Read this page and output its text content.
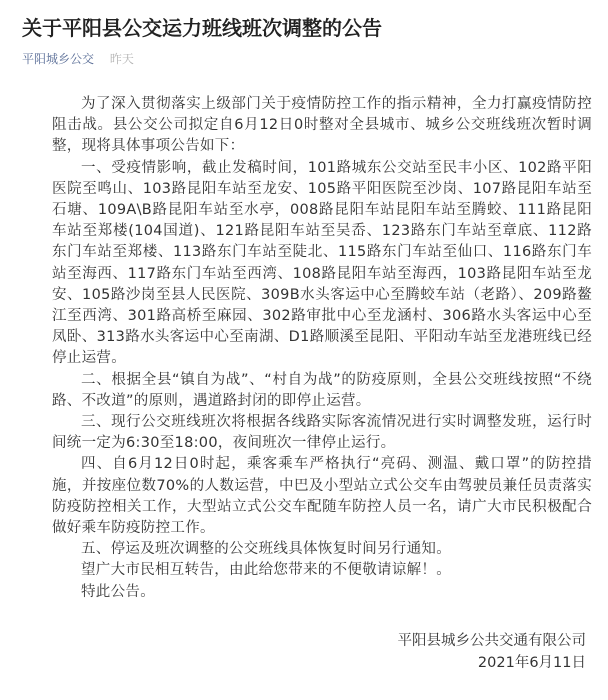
关于平阳县公交运力班线班次调整的公告
平阳城乡公交 昨天

为了深入贯彻落实上级部门关于疫情防控工作的指示精神，全力打赢疫情防控阻击战。县公交公司拟定自6月12日0时整对全县城市、城乡公交班线班次暂时调整，现将具体事项公告如下：

一、受疫情影响，截止发稿时间，101路城东公交站至民丰小区、102路平阳医院至鸣山、103路昆阳车站至龙安、105路平阳医院至沙岗、107路昆阳车站至石塘、109A\B路昆阳车站至水亭，008路昆阳车站昆阳车站至腾蛟、111路昆阳车站至郑楼(104国道)、121路昆阳车站至吴岙、123路东门车站至章底、112路东门车站至郑楼、113路东门车站至陡北、115路东门车站至仙口、116路东门车站至海西、117路东门车站至西湾、108路昆阳车站至海西，103路昆阳车站至龙安、105路沙岗至县人民医院、309B水头客运中心至腾蛟车站（老路）、209路鳌江至西湾、301路高桥至麻园、302路审批中心至龙涵村、306路水头客运中心至凤卧、313路水头客运中心至南湖、D1路顺溪至昆阳、平阳动车站至龙港班线已经停止运营。

二、根据全县“镇自为战”、“村自为战”的防疫原则，全县公交班线按照“不绕路、不改道”的原则，遇道路封闭的即停止运营。

三、现行公交班线班次将根据各线路实际客流情况进行实时调整发班，运行时间统一定为6:30至18:00，夜间班次一律停止运行。

四、自6月12日0时起，乘客乘车严格执行“亮码、测温、戴口罩”的防控措施，并按座位数70%的人数运营，中巴及小型站立式公交车由驾驶员兼任员责落实防疫防控相关工作，大型站立式公交车配随车防控人员一名，请广大市民积极配合做好乘车防疫防控工作。

五、停运及班次调整的公交班线具体恢复时间另行通知。

望广大市民相互转告，由此给您带来的不便敬请谅解！。

特此公告。

平阳县城乡公共交通有限公司
2021年6月11日
